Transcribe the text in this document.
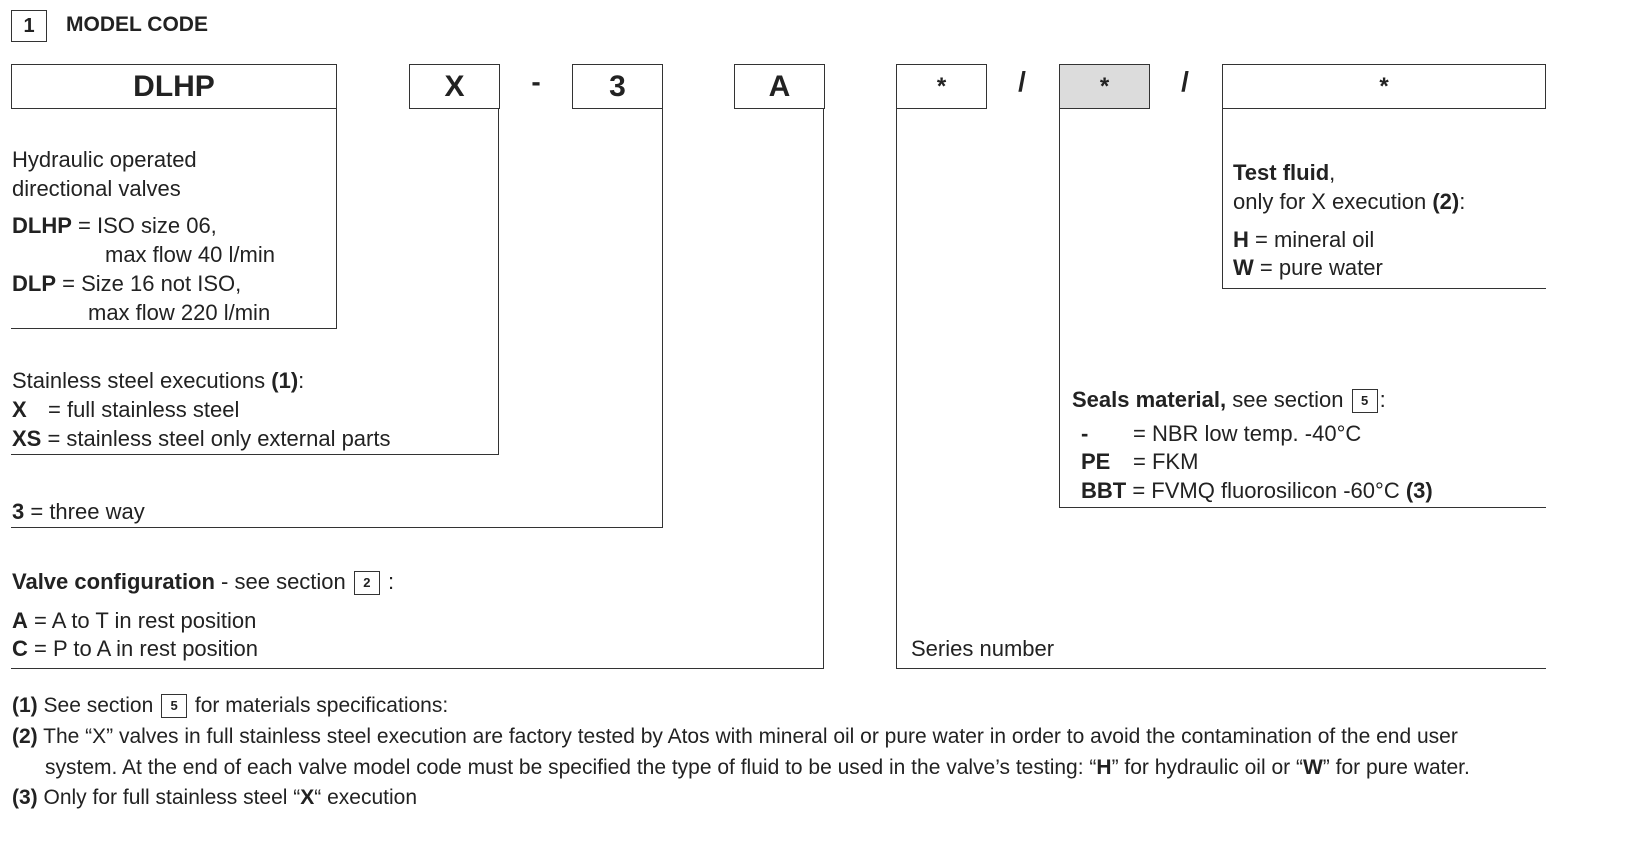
1	MODEL CODE
DLHP	X	-	3	A	*	/	*	/	*
Hydraulic operated
directional valves
DLHP = ISO size 06,
max flow 40 l/min
DLP = Size 16 not ISO,
max flow 220 l/min
Stainless steel executions (1):
X = full stainless steel
XS = stainless steel only external parts
3 = three way
Valve configuration - see section 2 :
A = A to T in rest position
C = P to A in rest position	Series number
Seals material, see section 5 :
- = NBR low temp. -40°C
PE = FKM
BBT = FVMQ fluorosilicon -60°C (3)
Test fluid,
only for X execution (2):
H = mineral oil
W = pure water
(1) See section 5 for materials specifications:
(2) The “X” valves in full stainless steel execution are factory tested by Atos with mineral oil or pure water in order to avoid the contamination of the end user
system. At the end of each valve model code must be specified the type of fluid to be used in the valve’s testing: “H” for hydraulic oil or “W” for pure water.
(3) Only for full stainless steel “X“ execution
